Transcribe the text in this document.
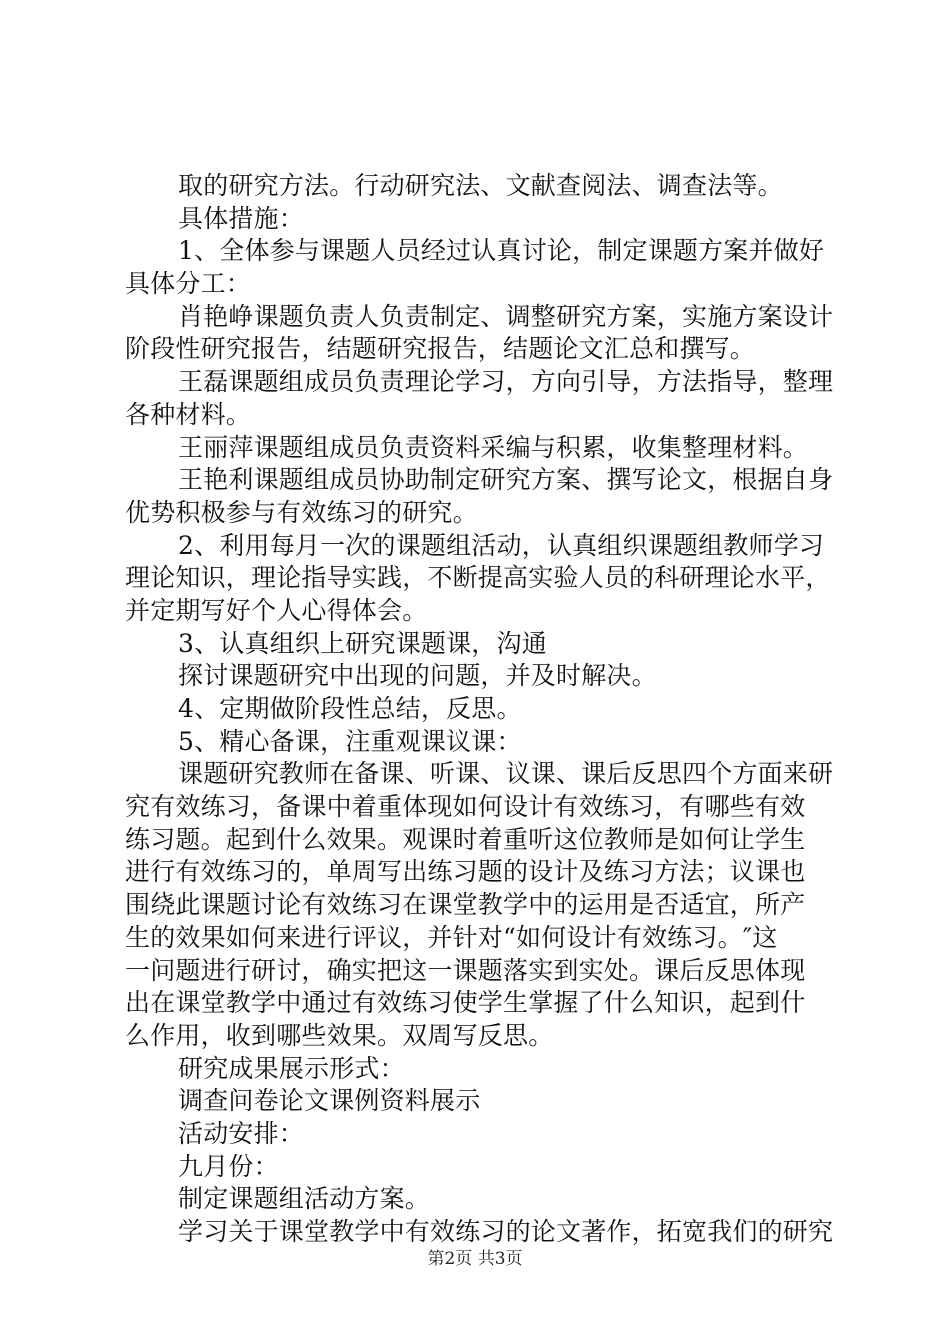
取的研究方法。行动研究法、文献查阅法、调查法等。
具体措施：
1、全体参与课题人员经过认真讨论，制定课题方案并做好
具体分工：
肖艳峥课题负责人负责制定、调整研究方案，实施方案设计
阶段性研究报告，结题研究报告，结题论文汇总和撰写。
王磊课题组成员负责理论学习，方向引导，方法指导，整理
各种材料。
王丽萍课题组成员负责资料采编与积累，收集整理材料。
王艳利课题组成员协助制定研究方案、撰写论文，根据自身
优势积极参与有效练习的研究。
2、利用每月一次的课题组活动，认真组织课题组教师学习
理论知识，理论指导实践，不断提高实验人员的科研理论水平，
并定期写好个人心得体会。
3、认真组织上研究课题课，沟通
探讨课题研究中出现的问题，并及时解决。
4、定期做阶段性总结，反思。
5、精心备课，注重观课议课：
课题研究教师在备课、听课、议课、课后反思四个方面来研
究有效练习，备课中着重体现如何设计有效练习，有哪些有效
练习题。起到什么效果。观课时着重听这位教师是如何让学生
进行有效练习的，单周写出练习题的设计及练习方法；议课也
围绕此课题讨论有效练习在课堂教学中的运用是否适宜，所产
生的效果如何来进行评议，并针对“如何设计有效练习。″这
一问题进行研讨，确实把这一课题落实到实处。课后反思体现
出在课堂教学中通过有效练习使学生掌握了什么知识，起到什
么作用，收到哪些效果。双周写反思。
研究成果展示形式：
调查问卷论文课例资料展示
活动安排：
九月份：
制定课题组活动方案。
学习关于课堂教学中有效练习的论文著作，拓宽我们的研究
第2页 共3页
